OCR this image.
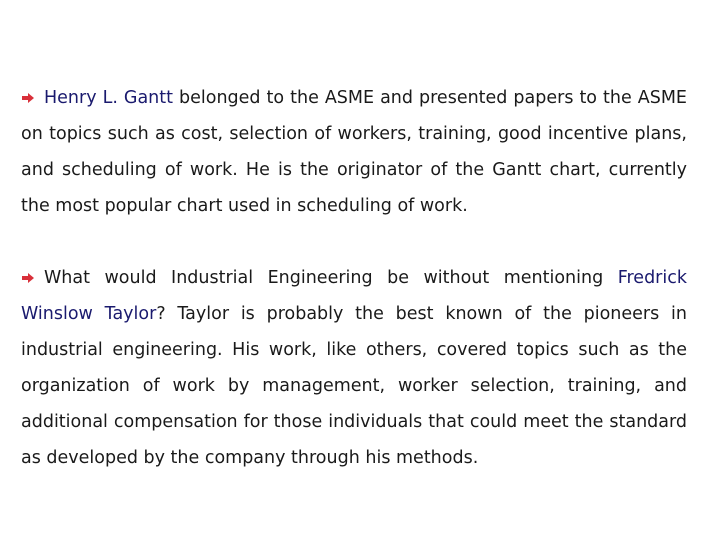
Henry L. Gantt belonged to the ASME and presented papers to the ASME on topics such as cost, selection of workers, training, good incentive plans, and scheduling of work. He is the originator of the Gantt chart, currently the most popular chart used in scheduling of work.

What would Industrial Engineering be without mentioning Fredrick Winslow Taylor? Taylor is probably the best known of the pioneers in industrial engineering. His work, like others, covered topics such as the organization of work by management, worker selection, training, and additional compensation for those individuals that could meet the standard as developed by the company through his methods.
